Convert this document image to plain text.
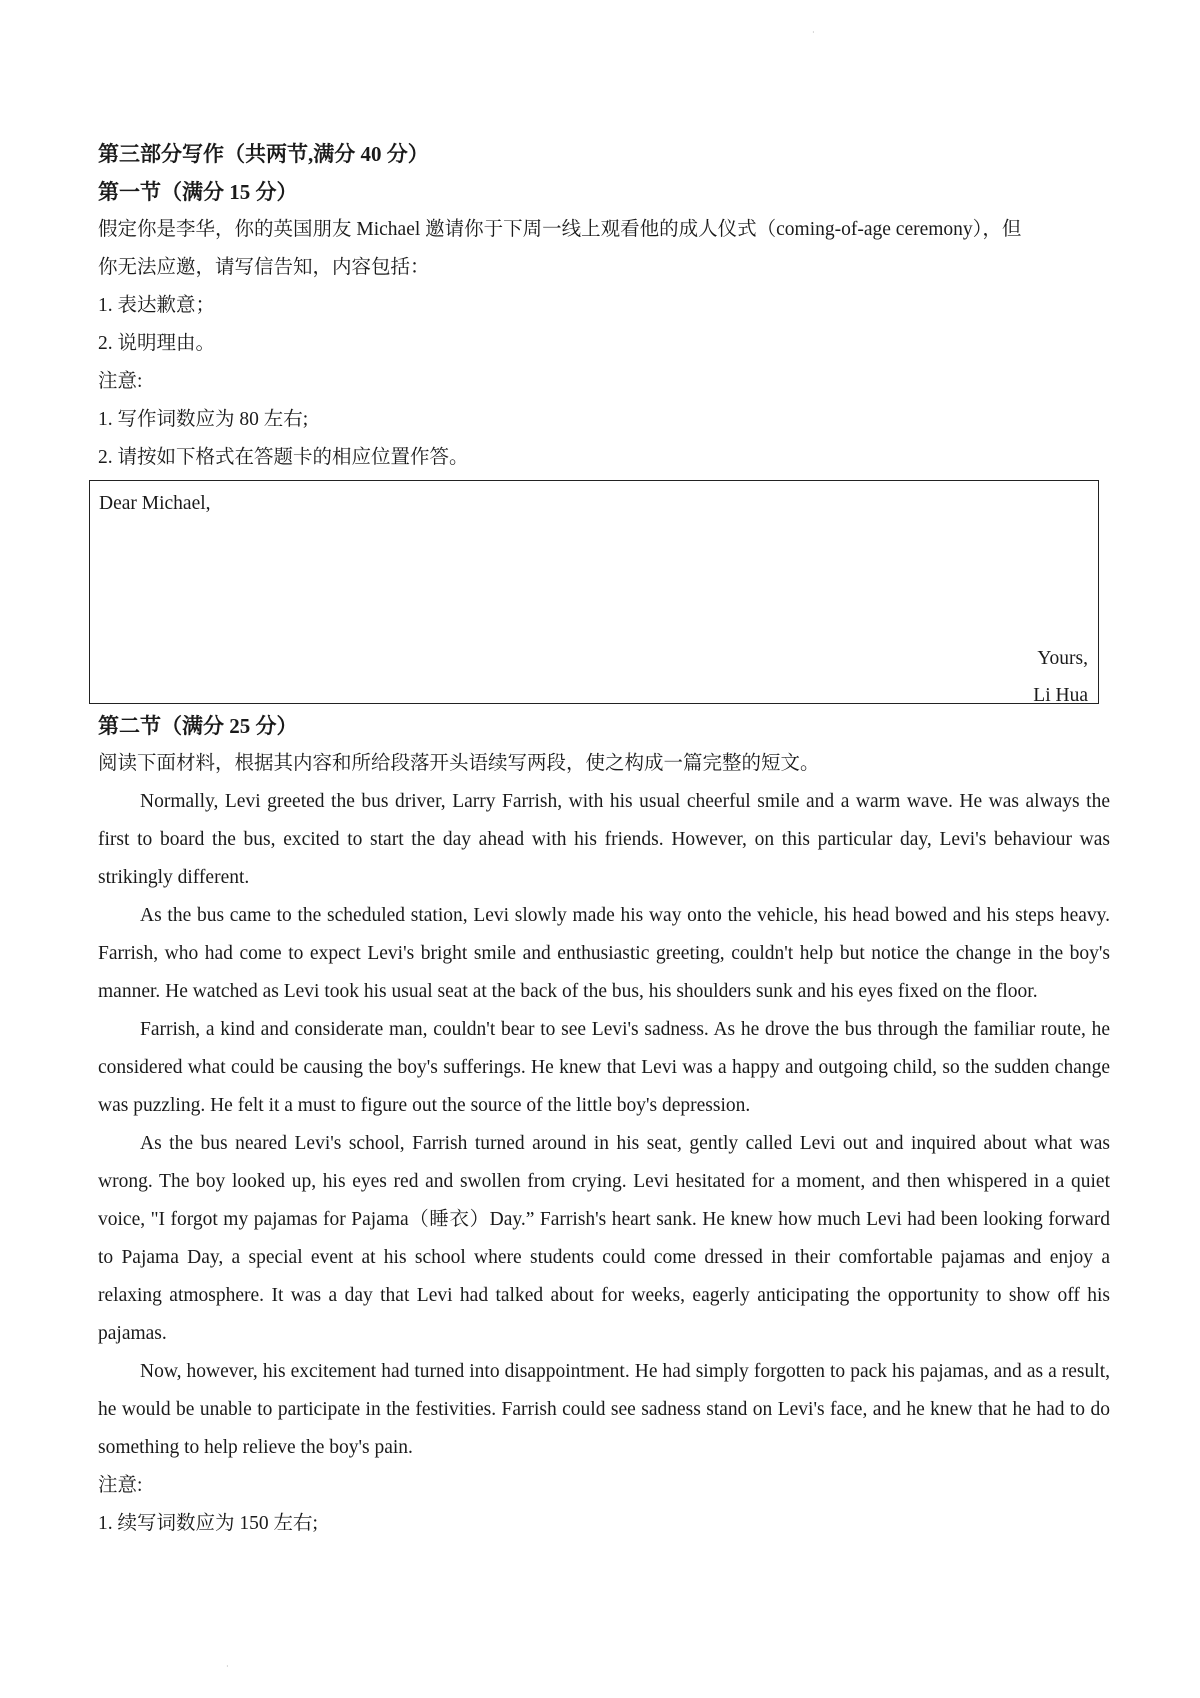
·
·
第三部分写作（共两节,满分 40 分）
第一节（满分 15 分）
假定你是李华，你的英国朋友 Michael 邀请你于下周一线上观看他的成人仪式（coming-of-age ceremony），但
你无法应邀，请写信告知，内容包括：
1. 表达歉意；
2. 说明理由。
注意:
1. 写作词数应为 80 左右;
2. 请按如下格式在答题卡的相应位置作答。
Dear Michael,
Yours,
Li Hua
第二节（满分 25 分）
阅读下面材料，根据其内容和所给段落开头语续写两段，使之构成一篇完整的短文。
Normally, Levi greeted the bus driver, Larry Farrish, with his usual cheerful smile and a warm wave. He was always the first to board the bus, excited to start the day ahead with his friends. However, on this particular day, Levi's behaviour was strikingly different.
As the bus came to the scheduled station, Levi slowly made his way onto the vehicle, his head bowed and his steps heavy. Farrish, who had come to expect Levi's bright smile and enthusiastic greeting, couldn't help but notice the change in the boy's manner. He watched as Levi took his usual seat at the back of the bus, his shoulders sunk and his eyes fixed on the floor.
Farrish, a kind and considerate man, couldn't bear to see Levi's sadness. As he drove the bus through the familiar route, he considered what could be causing the boy's sufferings. He knew that Levi was a happy and outgoing child, so the sudden change was puzzling. He felt it a must to figure out the source of the little boy's depression.
As the bus neared Levi's school, Farrish turned around in his seat, gently called Levi out and inquired about what was wrong. The boy looked up, his eyes red and swollen from crying. Levi hesitated for a moment, and then whispered in a quiet voice, "I forgot my pajamas for Pajama（睡衣）Day.” Farrish's heart sank. He knew how much Levi had been looking forward to Pajama Day, a special event at his school where students could come dressed in their comfortable pajamas and enjoy a relaxing atmosphere. It was a day that Levi had talked about for weeks, eagerly anticipating the opportunity to show off his pajamas.
Now, however, his excitement had turned into disappointment. He had simply forgotten to pack his pajamas, and as a result, he would be unable to participate in the festivities. Farrish could see sadness stand on Levi's face, and he knew that he had to do something to help relieve the boy's pain.
注意:
1. 续写词数应为 150 左右;
